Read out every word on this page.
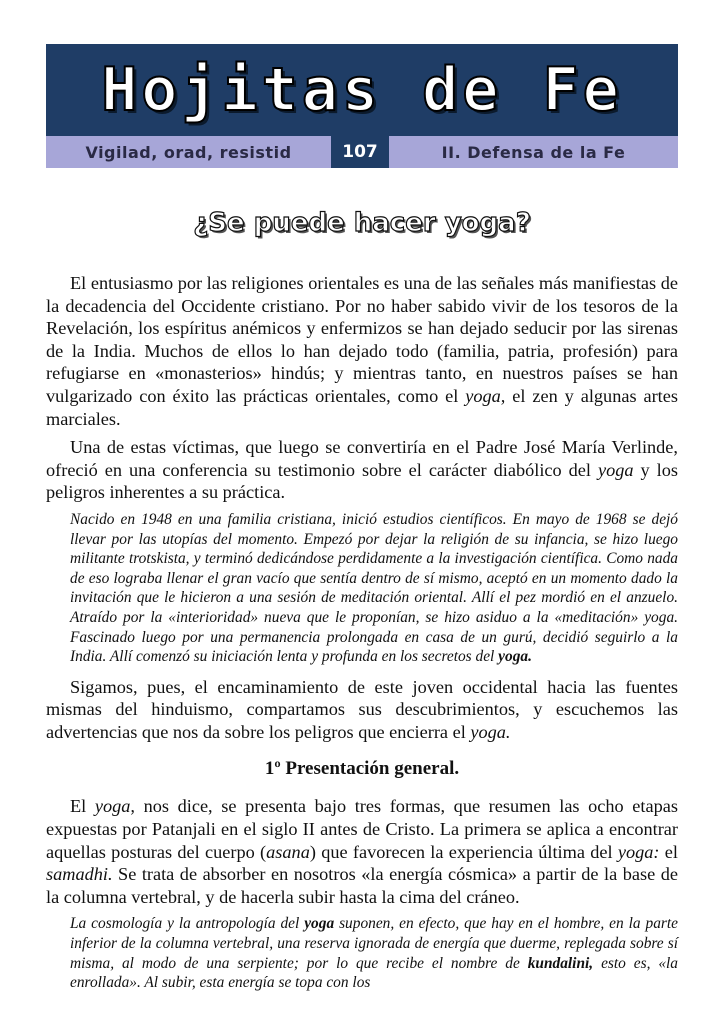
Hojitas de Fe
Vigilad, orad, resistid	107	II. Defensa de la Fe
¿Se puede hacer yoga?

El entusiasmo por las religiones orientales es una de las señales más manifiestas de la decadencia del Occidente cristiano. Por no haber sabido vivir de los tesoros de la Revelación, los espíritus anémicos y enfermizos se han dejado seducir por las sirenas de la India. Muchos de ellos lo han dejado todo (familia, patria, profesión) para refugiarse en «monasterios» hindús; y mientras tanto, en nuestros países se han vulgarizado con éxito las prácticas orientales, como el yoga, el zen y algunas artes marciales.

Una de estas víctimas, que luego se convertiría en el Padre José María Verlinde, ofreció en una conferencia su testimonio sobre el carácter diabólico del yoga y los peligros inherentes a su práctica.

Nacido en 1948 en una familia cristiana, inició estudios científicos. En mayo de 1968 se dejó llevar por las utopías del momento. Empezó por dejar la religión de su infancia, se hizo luego militante trotskista, y terminó dedicándose perdidamente a la investigación científica. Como nada de eso lograba llenar el gran vacío que sentía dentro de sí mismo, aceptó en un momento dado la invitación que le hicieron a una sesión de meditación oriental. Allí el pez mordió en el anzuelo. Atraído por la «interioridad» nueva que le proponían, se hizo asiduo a la «meditación» yoga. Fascinado luego por una permanencia prolongada en casa de un gurú, decidió seguirlo a la India. Allí comenzó su iniciación lenta y profunda en los secretos del yoga.

Sigamos, pues, el encaminamiento de este joven occidental hacia las fuentes mismas del hinduismo, compartamos sus descubrimientos, y escuchemos las advertencias que nos da sobre los peligros que encierra el yoga.

1º Presentación general.

El yoga, nos dice, se presenta bajo tres formas, que resumen las ocho etapas expuestas por Patanjali en el siglo II antes de Cristo. La primera se aplica a encontrar aquellas posturas del cuerpo (asana) que favorecen la experiencia última del yoga: el samadhi. Se trata de absorber en nosotros «la energía cósmica» a partir de la base de la columna vertebral, y de hacerla subir hasta la cima del cráneo.

La cosmología y la antropología del yoga suponen, en efecto, que hay en el hombre, en la parte inferior de la columna vertebral, una reserva ignorada de energía que duerme, replegada sobre sí misma, al modo de una serpiente; por lo que recibe el nombre de kundalini, esto es, «la enrollada». Al subir, esta energía se topa con los
